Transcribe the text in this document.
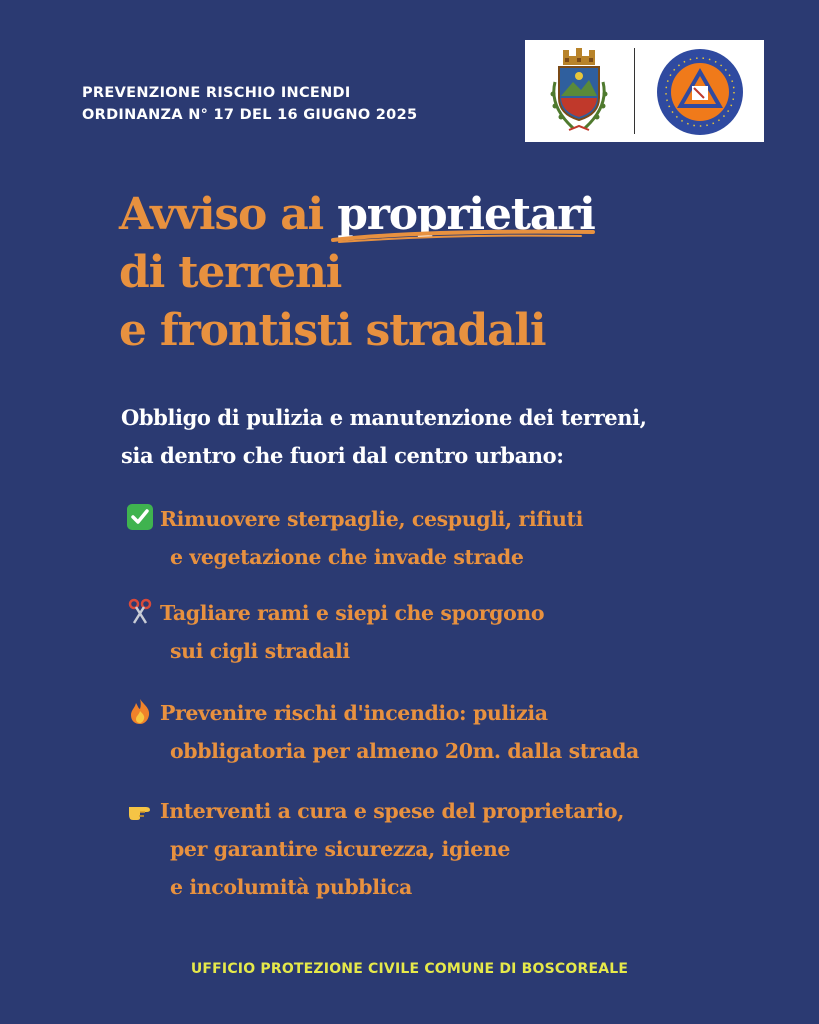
PREVENZIONE RISCHIO INCENDI
ORDINANZA N° 17 DEL 16 GIUGNO 2025
Avviso ai proprietari
di terreni
e frontisti stradali
Obbligo di pulizia e manutenzione dei terreni,
sia dentro che fuori dal centro urbano:
Rimuovere sterpaglie, cespugli, rifiuti
e vegetazione che invade strade
Tagliare rami e siepi che sporgono
sui cigli stradali
Prevenire rischi d'incendio: pulizia
obbligatoria per almeno 20m. dalla strada
Interventi a cura e spese del proprietario,
per garantire sicurezza, igiene
e incolumità pubblica
UFFICIO PROTEZIONE CIVILE COMUNE DI BOSCOREALE
